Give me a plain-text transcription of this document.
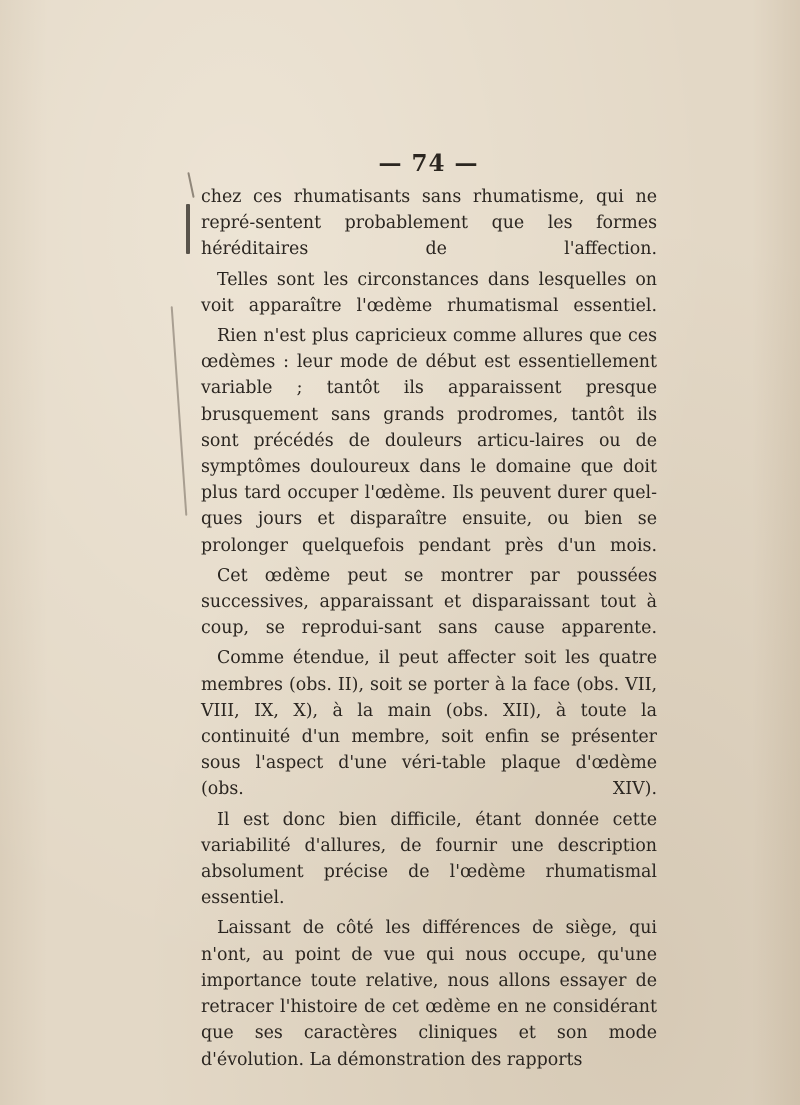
— 74 —

chez ces rhumatisants sans rhumatisme, qui ne repré-sentent probablement que les formes héréditaires de l'affection.

Telles sont les circonstances dans lesquelles on voit apparaître l'œdème rhumatismal essentiel.

Rien n'est plus capricieux comme allures que ces œdèmes : leur mode de début est essentiellement variable ; tantôt ils apparaissent presque brusquement sans grands prodromes, tantôt ils sont précédés de douleurs articu-laires ou de symptômes douloureux dans le domaine que doit plus tard occuper l'œdème. Ils peuvent durer quel-ques jours et disparaître ensuite, ou bien se prolonger quelquefois pendant près d'un mois.

Cet œdème peut se montrer par poussées successives, apparaissant et disparaissant tout à coup, se reprodui-sant sans cause apparente.

Comme étendue, il peut affecter soit les quatre membres (obs. II), soit se porter à la face (obs. VII, VIII, IX, X), à la main (obs. XII), à toute la continuité d'un membre, soit enfin se présenter sous l'aspect d'une véri-table plaque d'œdème (obs. XIV).

Il est donc bien difficile, étant donnée cette variabilité d'allures, de fournir une description absolument précise de l'œdème rhumatismal essentiel.

Laissant de côté les différences de siège, qui n'ont, au point de vue qui nous occupe, qu'une importance toute relative, nous allons essayer de retracer l'histoire de cet œdème en ne considérant que ses caractères cliniques et son mode d'évolution. La démonstration des rapports
